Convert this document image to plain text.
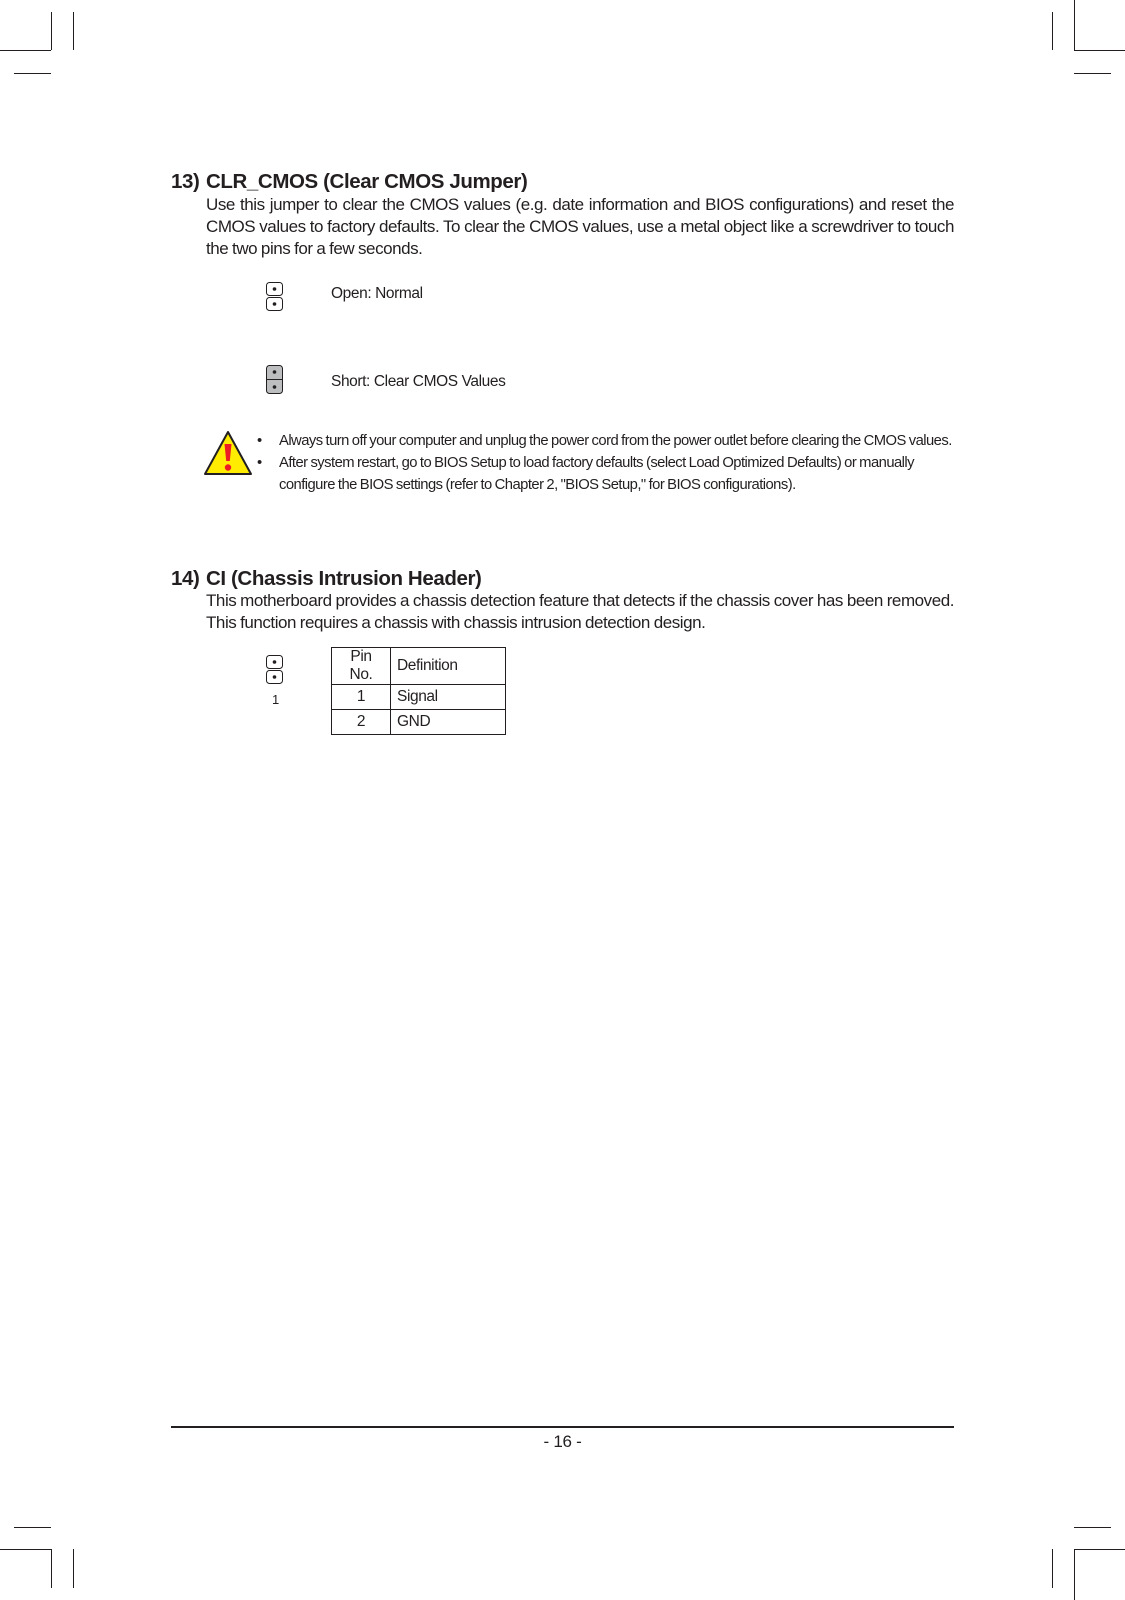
13) CLR_CMOS (Clear CMOS Jumper)

Use this jumper to clear the CMOS values (e.g. date information and BIOS configurations) and reset the CMOS values to factory defaults. To clear the CMOS values, use a metal object like a screwdriver to touch the two pins for a few seconds.

Open: Normal
Short: Clear CMOS Values
• Always turn off your computer and unplug the power cord from the power outlet before clearing the CMOS values.
• After system restart, go to BIOS Setup to load factory defaults (select Load Optimized Defaults) or manually configure the BIOS settings (refer to Chapter 2, "BIOS Setup," for BIOS configurations).
14) CI (Chassis Intrusion Header)

This motherboard provides a chassis detection feature that detects if the chassis cover has been removed. This function requires a chassis with chassis intrusion detection design.

1
Pin No.	Definition
1	Signal
2	GND
- 16 -
